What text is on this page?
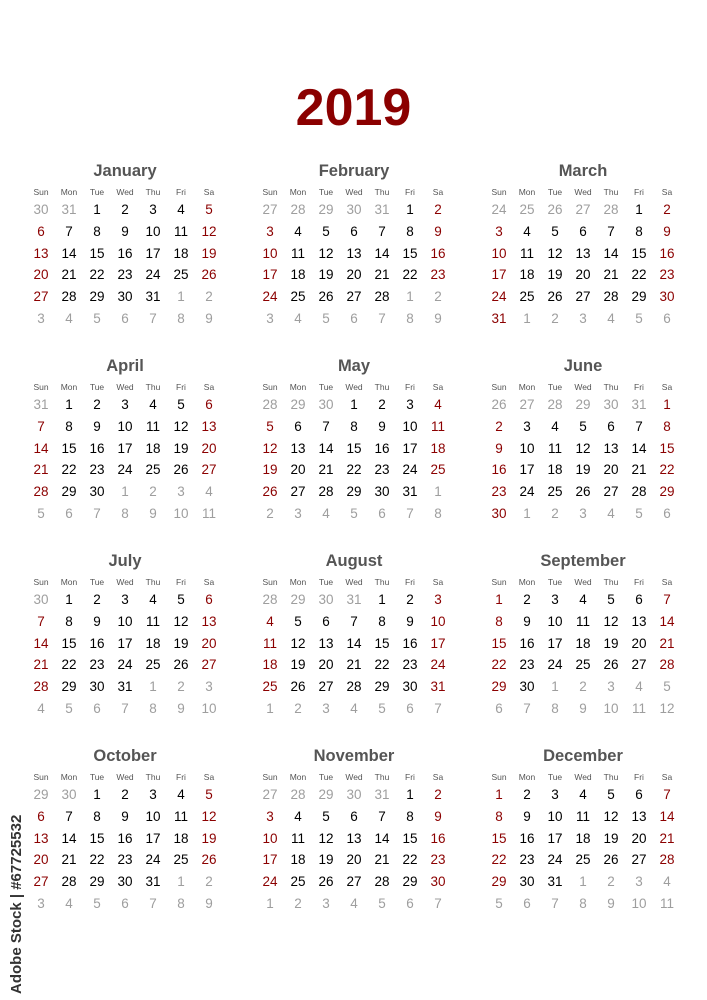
2019
January
Sun	Mon	Tue	Wed	Thu	Fri	Sa
30 31	1	2	3	4	5
6	7	8	9	10 11 12
13 14 15 16 17 18 19
20 21 22 23 24 25 26
27 28 29 30 31	1	2
3	4	5	6	7	8	9
February
Sun	Mon	Tue	Wed	Thu	Fri	Sa
27 28 29 30 31	1	2
3	4	5	6	7	8	9
10 11 12 13 14 15 16
17 18 19 20 21 22 23
24 25 26 27 28	1	2
3	4	5	6	7	8	9
March
Sun	Mon	Tue	Wed	Thu	Fri	Sa
24 25 26 27 28	1	2
3	4	5	6	7	8	9
10 11 12 13 14 15 16
17 18 19 20 21 22 23
24 25 26 27 28 29 30
31	1	2	3	4	5	6
April
Sun	Mon	Tue	Wed	Thu	Fri	Sa
31	1	2	3	4	5	6
7	8	9	10 11 12 13
14 15 16 17 18 19 20
21 22 23 24 25 26 27
28 29 30	1	2	3	4
5	6	7	8	9	10 11
May
Sun	Mon	Tue	Wed	Thu	Fri	Sa
28 29 30	1	2	3	4
5	6	7	8	9	10 11
12 13 14 15 16 17 18
19 20 21 22 23 24 25
26 27 28 29 30 31	1
2	3	4	5	6	7	8
June
Sun	Mon	Tue	Wed	Thu	Fri	Sa
26 27 28 29 30 31	1
2	3	4	5	6	7	8
9	10 11 12 13 14 15
16 17 18 19 20 21 22
23 24 25 26 27 28 29
30	1	2	3	4	5	6
July
Sun	Mon	Tue	Wed	Thu	Fri	Sa
30	1	2	3	4	5	6
7	8	9	10 11 12 13
14 15 16 17 18 19 20
21 22 23 24 25 26 27
28 29 30 31	1	2	3
4	5	6	7	8	9	10
August
Sun	Mon	Tue	Wed	Thu	Fri	Sa
28 29 30 31	1	2	3
4	5	6	7	8	9	10
11 12 13 14 15 16 17
18 19 20 21 22 23 24
25 26 27 28 29 30 31
1	2	3	4	5	6	7
September
Sun	Mon	Tue	Wed	Thu	Fri	Sa
1	2	3	4	5	6	7
8	9	10 11 12 13 14
15 16 17 18 19 20 21
22 23 24 25 26 27 28
29 30	1	2	3	4	5
6	7	8	9	10 11 12
October
Sun	Mon	Tue	Wed	Thu	Fri	Sa
29 30	1	2	3	4	5
6	7	8	9	10 11 12
13 14 15 16 17 18 19
20 21 22 23 24 25 26
27 28 29 30 31	1	2
3	4	5	6	7	8	9
November
Sun	Mon	Tue	Wed	Thu	Fri	Sa
27 28 29 30 31	1	2
3	4	5	6	7	8	9
10 11 12 13 14 15 16
17 18 19 20 21 22 23
24 25 26 27 28 29 30
1	2	3	4	5	6	7
December
Sun	Mon	Tue	Wed	Thu	Fri	Sa
1	2	3	4	5	6	7
8	9	10 11 12 13 14
15 16 17 18 19 20 21
22 23 24 25 26 27 28
29 30 31	1	2	3	4
5	6	7	8	9	10 11
Adobe Stock | #67725532
